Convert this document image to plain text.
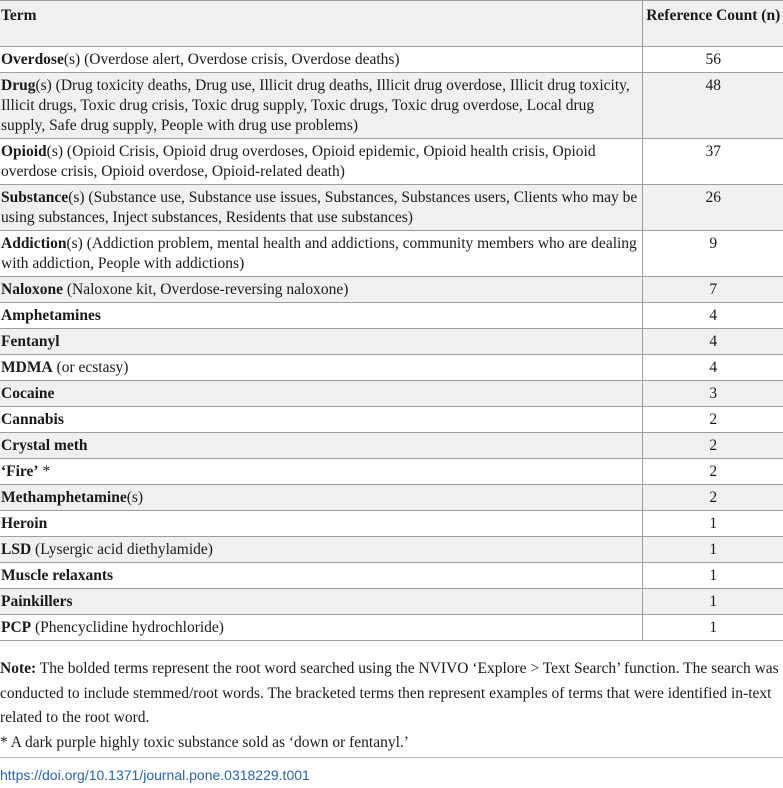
Term	Reference Count (n)
Overdose(s) (Overdose alert, Overdose crisis, Overdose deaths)	56
Drug(s) (Drug toxicity deaths, Drug use, Illicit drug deaths, Illicit drug overdose, Illicit drug toxicity, Illicit drugs, Toxic drug crisis, Toxic drug supply, Toxic drugs, Toxic drug overdose, Local drug supply, Safe drug supply, People with drug use problems)	48
Opioid(s) (Opioid Crisis, Opioid drug overdoses, Opioid epidemic, Opioid health crisis, Opioid overdose crisis, Opioid overdose, Opioid-related death)	37
Substance(s) (Substance use, Substance use issues, Substances, Substances users, Clients who may be using substances, Inject substances, Residents that use substances)	26
Addiction(s) (Addiction problem, mental health and addictions, community members who are dealing with addiction, People with addictions)	9
Naloxone (Naloxone kit, Overdose-reversing naloxone)	7
Amphetamines	4
Fentanyl	4
MDMA (or ecstasy)	4
Cocaine	3
Cannabis	2
Crystal meth	2
‘Fire’ *	2
Methamphetamine(s)	2
Heroin	1
LSD (Lysergic acid diethylamide)	1
Muscle relaxants	1
Painkillers	1
PCP (Phencyclidine hydrochloride)	1

Note: The bolded terms represent the root word searched using the NVIVO ‘Explore > Text Search’ function. The search was conducted to include stemmed/root words. The bracketed terms then represent examples of terms that were identified in-text related to the root word.

* A dark purple highly toxic substance sold as ‘down or fentanyl.’

https://doi.org/10.1371/journal.pone.0318229.t001
